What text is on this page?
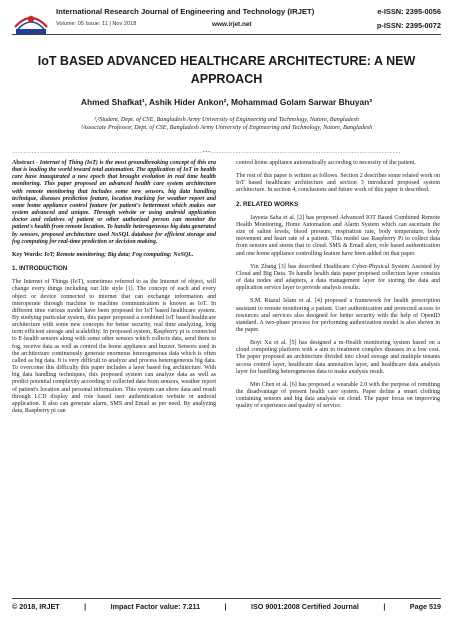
International Research Journal of Engineering and Technology (IRJET)	e-ISSN: 2395-0056
Volume: 05 Issue: 11 | Nov 2018	www.irjet.net	p-ISSN: 2395-0072
IoT BASED ADVANCED HEALTHCARE ARCHITECTURE: A NEW APPROACH
Ahmed Shafkat¹, Ashik Hider Ankon², Mohammad Golam Sarwar Bhuyan³
¹,²Student, Dept. of CSE, Bangladesh Army University of Engineering and Technology, Natore, Bangladesh
³Associate Professor, Dept. of CSE, Bangladesh Army University of Engineering and Technology, Natore, Bangladesh
---------------------------------------------------------------------***---------------------------------------------------------------------

Abstract - Internet of Thing (IoT) is the most groundbreaking concept of this era that is leading the world toward total automation. The application of IoT in health care have inaugurated a new epoch that brought evolution in real time health monitoring. This paper proposed an advanced health care system architecture with remote monitoring that includes some new sensors, big data handling technique, diseases prediction feature, location tracking for weather report and some home appliance control feature for patient's betterment which makes our system advanced and unique. Through website or using android application doctor and relatives of patient or other authorized person can monitor the patient's health from remote location. To handle heterogeneous big data generated by sensors, proposed architecture used NoSQL database for efficient storage and fog computing for real-time prediction or decision making.

Key Words: IoT; Remote monitoring; Big data; Fog computing; NoSQL.

1. INTRODUCTION

The Internet of Things (IoT), sometimes referred to as the Internet of object, will change every things including our life style [1]. The concept of each and every object or device connected to internet that can exchange information and interoperate through machine to machine communication is known as IoT. In different time various model have been proposed for IoT based healthcare system. By studying particular system, this paper proposed a combined IoT based healthcare architecture with some new concepts for better security, real time analyzing, long term efficient storage and scalability. In proposed system, Raspberry pi is connected to E-health sensors along with some other sensors which collects data, send them to fog, receive data as well as control the home appliance and buzzer. Sensors used in the architecture continuously generate enormous heterogeneous data which is often called as big data. It is very difficult to analyze and process heterogeneous big data. To overcome this difficulty this paper includes a layer based fog architecture. With big data handling techniques, this proposed system can analyze data as well as predict potential complexity according to collected data from sensors, weather report of patient's location and personal information. This system can show data and result through LCD display and role based user authentication website or android application. It also can generate alarm, SMS and Email as per need. By analyzing data, Raspberry pi can

control home appliance automatically according to necessity of the patient.

The rest of this paper is written as follows. Section 2 describes some related work on IoT based healthcare architecture and section 3 introduced proposed system architecture. In section 4, conclusions and future work of this paper is described.

2. RELATED WORKS

Jayeeta Saha et al. [2] has proposed Advanced IOT Based Combined Remote Health Monitoring, Home Automation and Alarm System which can ascertain the size of saline levels, blood pressure, respiration rate, body temperature, body movement and heart rate of a patient. This model use Raspberry Pi to collect data from sensors and stores that to cloud. SMS & Email alert, role based authentication and one home appliance controlling feature have been added on that paper.

Yin Zhang [3] has described Healthcare Cyber-Physical System Assisted by Cloud and Big Data. To handle health data paper proposed collection layer consists of data nodes and adapters, a data management layer for storing the data and application service layer to provide analysis results.

S.M. Riazul Islam et al. [4] proposed a framework for health prescription assistant to remote monitoring a patient. User authentication and protected access to resources and services also designed for better security with the help of OpenID standard. A two-phase process for performing authorization model is also shown in the paper.

Boyi Xu et al. [5] has designed a m-Health monitoring system based on a cloud computing platform with a aim to treatment complex diseases in a low cost. The paper proposed an architecture divided into cloud storage and multiple tenants access control layer, healthcare data annotation layer, and healthcare data analysis layer for handling heterogeneous data to make analysis result.

Min Chen et al. [6] has proposed a wearable 2.0 with the purpose of remitting the disadvantage of present health care system. Paper define a smart clothing containing sensors and big data analysis on cloud. The paper focus on improving quality of experience and quality of service.

© 2018, IRJET	|	Impact Factor value: 7.211	|	ISO 9001:2008 Certified Journal	|	Page 519
